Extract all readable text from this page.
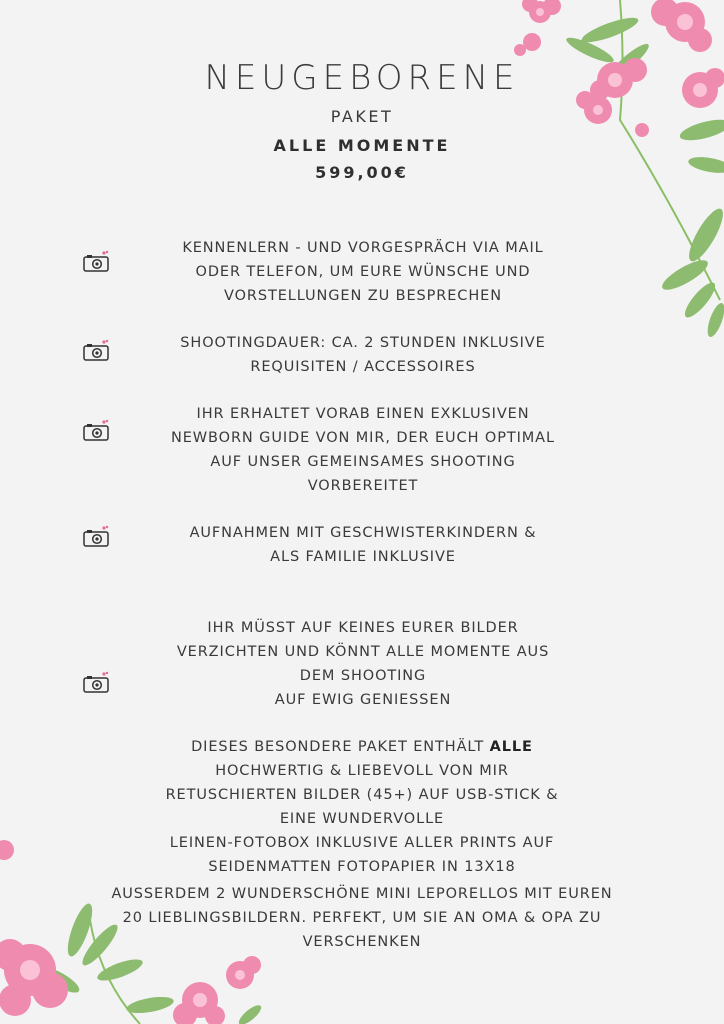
NEUGEBORENE
PAKET
ALLE MOMENTE
599,00€
KENNENLERN - UND VORGESPRÄCH VIA MAIL
ODER TELEFON, UM EURE WÜNSCHE UND
VORSTELLUNGEN ZU BESPRECHEN
SHOOTINGDAUER: CA. 2 STUNDEN INKLUSIVE
REQUISITEN / ACCESSOIRES
IHR ERHALTET VORAB EINEN EXKLUSIVEN
NEWBORN GUIDE VON MIR, DER EUCH OPTIMAL
AUF UNSER GEMEINSAMES SHOOTING
VORBEREITET
AUFNAHMEN MIT GESCHWISTERKINDERN &
ALS FAMILIE INKLUSIVE
IHR MÜSST AUF KEINES EURER BILDER
VERZICHTEN UND KÖNNT ALLE MOMENTE AUS
DEM SHOOTING
AUF EWIG GENIESSEN
DIESES BESONDERE PAKET ENTHÄLT ALLE
HOCHWERTIG & LIEBEVOLL VON MIR
RETUSCHIERTEN BILDER (45+) AUF USB-STICK &
EINE WUNDERVOLLE
LEINEN-FOTOBOX INKLUSIVE ALLER PRINTS AUF
SEIDENMATTEN FOTOPAPIER IN 13X18
AUSSERDEM 2 WUNDERSCHÖNE MINI LEPORELLOS MIT EUREN
20 LIEBLINGSBILDERN. PERFEKT, UM SIE AN OMA & OPA ZU
VERSCHENKEN
